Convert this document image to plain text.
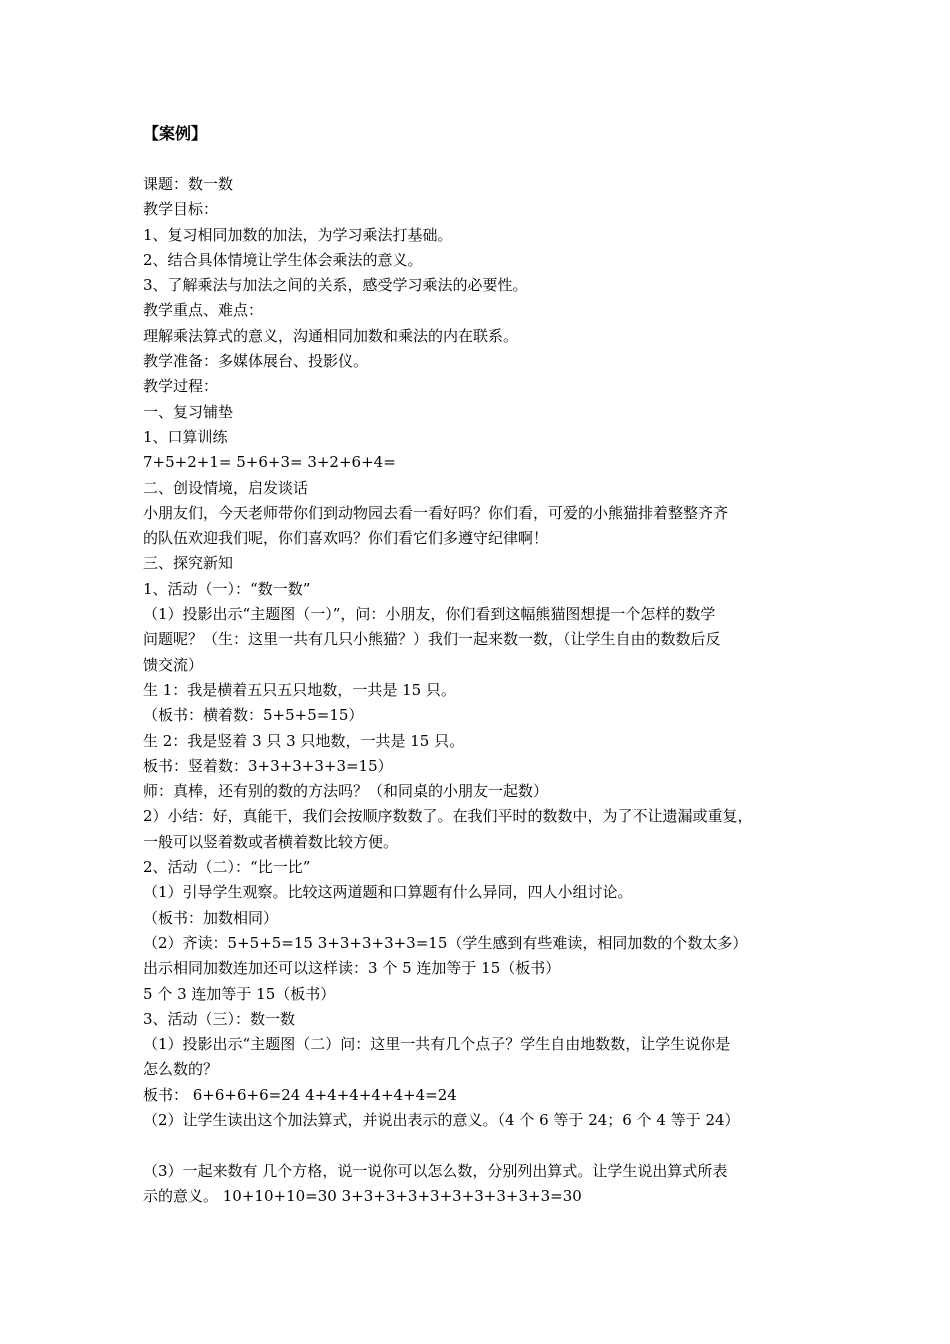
【案例】
课题：数一数
教学目标：
1、复习相同加数的加法，为学习乘法打基础。
2、结合具体情境让学生体会乘法的意义。
3、了解乘法与加法之间的关系，感受学习乘法的必要性。
教学重点、难点：
理解乘法算式的意义，沟通相同加数和乘法的内在联系。
教学准备：多媒体展台、投影仪。
教学过程：
一、复习铺垫
1、口算训练
7+5+2+1= 5+6+3= 3+2+6+4=
二、创设情境，启发谈话
小朋友们，今天老师带你们到动物园去看一看好吗？你们看，可爱的小熊猫排着整整齐齐
的队伍欢迎我们呢，你们喜欢吗？你们看它们多遵守纪律啊！
三、探究新知
1、活动（一）：“数一数”
（1）投影出示“主题图（一）”，问：小朋友，你们看到这幅熊猫图想提一个怎样的数学
问题呢？（生：这里一共有几只小熊猫？）我们一起来数一数，（让学生自由的数数后反
馈交流）
生 1：我是横着五只五只地数，一共是 15 只。
（板书：横着数：5+5+5=15）
生 2：我是竖着 3 只 3 只地数，一共是 15 只。
板书：竖着数：3+3+3+3+3=15）
师：真棒，还有别的数的方法吗？（和同桌的小朋友一起数）
2）小结：好，真能干，我们会按顺序数数了。在我们平时的数数中，为了不让遗漏或重复，
一般可以竖着数或者横着数比较方便。
2、活动（二）：“比一比”
（1）引导学生观察。比较这两道题和口算题有什么异同，四人小组讨论。
（板书：加数相同）
（2）齐读：5+5+5=15 3+3+3+3+3=15（学生感到有些难读，相同加数的个数太多）
出示相同加数连加还可以这样读：3 个 5 连加等于 15（板书）
5 个 3 连加等于 15（板书）
3、活动（三）：数一数
（1）投影出示“主题图（二）问：这里一共有几个点子？学生自由地数数，让学生说你是
怎么数的？
板书： 6+6+6+6=24 4+4+4+4+4+4=24
（2）让学生读出这个加法算式，并说出表示的意义。（4 个 6 等于 24；6 个 4 等于 24）
（3）一起来数有 几个方格，说一说你可以怎么数，分别列出算式。让学生说出算式所表
示的意义。 10+10+10=30 3+3+3+3+3+3+3+3+3+3=30
